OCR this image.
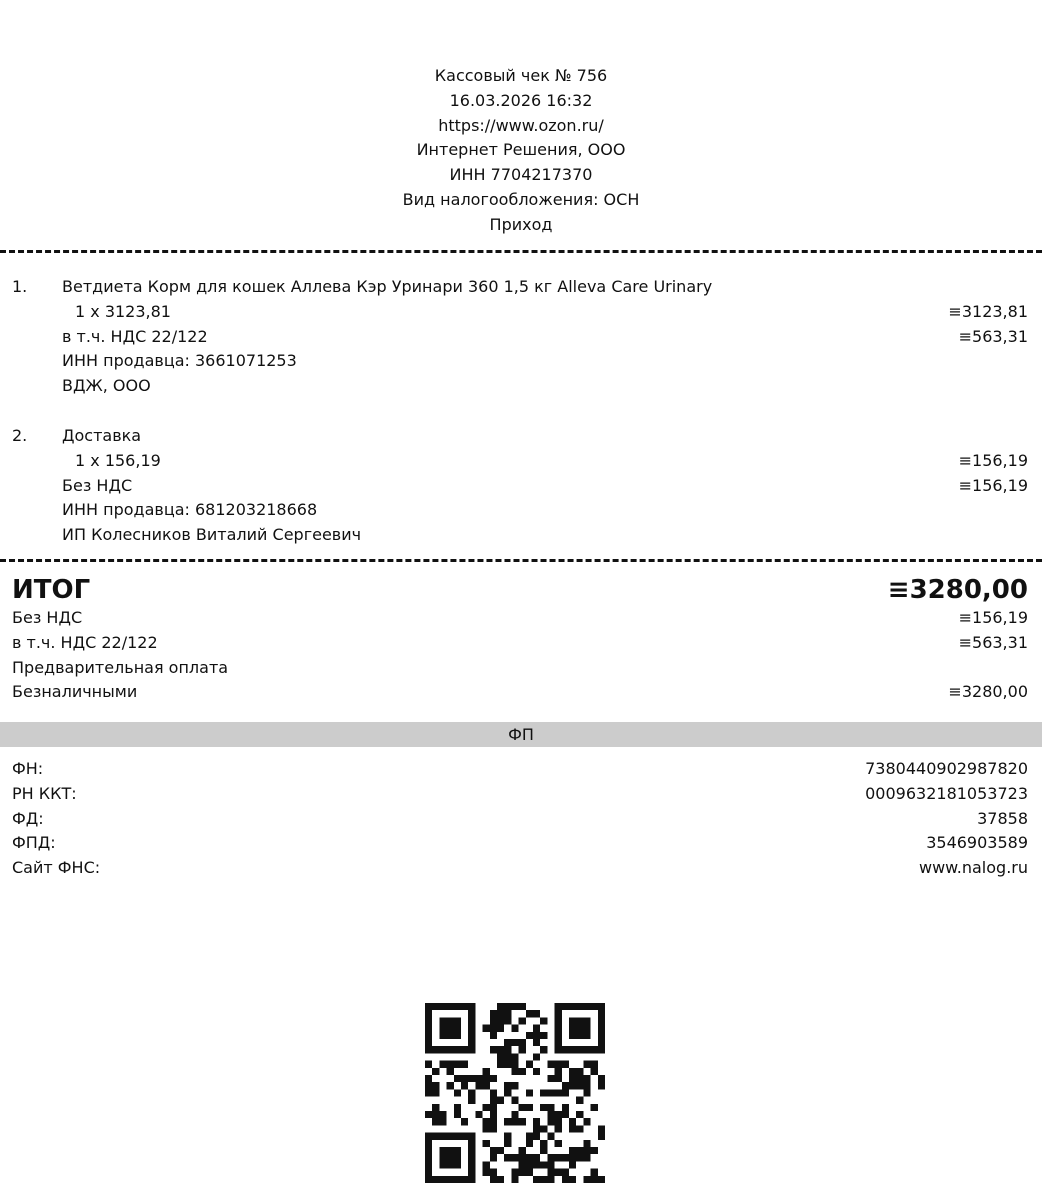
Кассовый чек № 756
16.03.2026 16:32
https://www.ozon.ru/
Интернет Решения, ООО
ИНН 7704217370
Вид налогообложения: ОСН
Приход
1. Ветдиета Корм для кошек Аллева Кэр Уринари 360 1,5 кг Alleva Care Urinary
1 x 3123,81	≡3123,81
в т.ч. НДС 22/122	≡563,31
ИНН продавца: 3661071253
ВДЖ, ООО
2. Доставка
1 x 156,19	≡156,19
Без НДС	≡156,19
ИНН продавца: 681203218668
ИП Колесников Виталий Сергеевич
ИТОГ	≡3280,00
Без НДС	≡156,19
в т.ч. НДС 22/122	≡563,31
Предварительная оплата
Безналичными	≡3280,00
ФП
ФН:	7380440902987820
РН ККТ:	0009632181053723
ФД:	37858
ФПД:	3546903589
Сайт ФНС:	www.nalog.ru
